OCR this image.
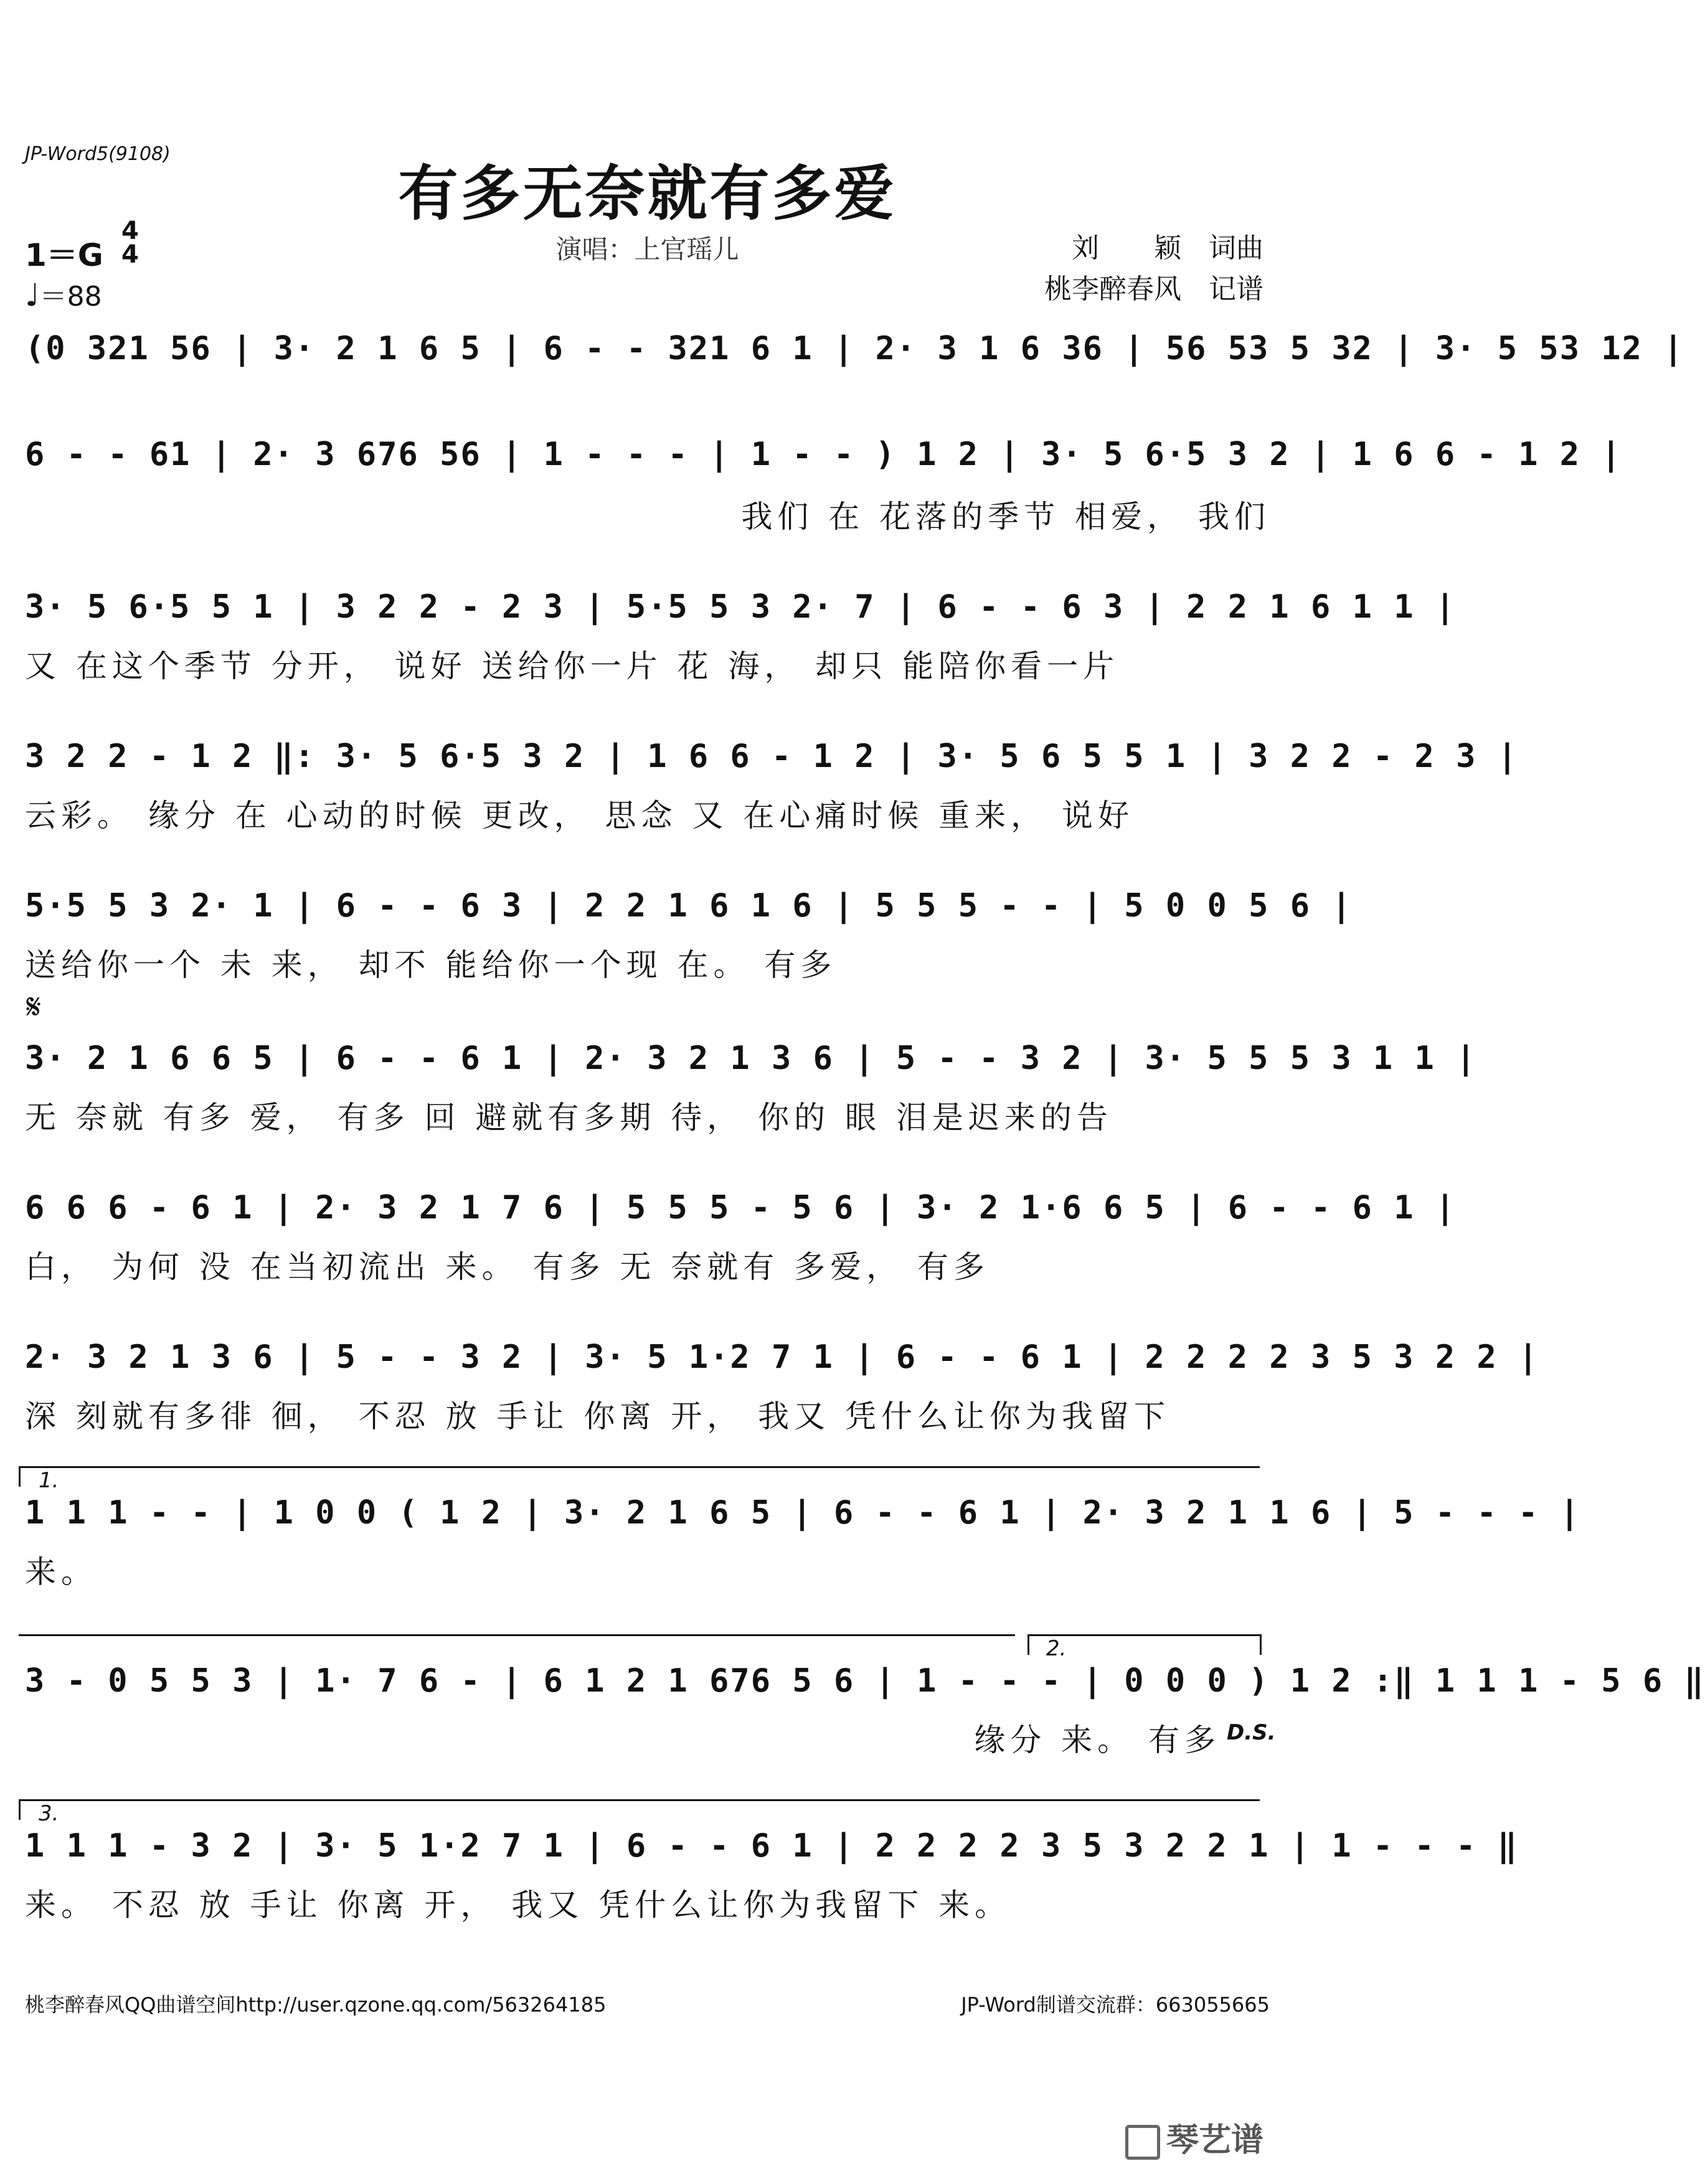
JP-Word5(9108)
有多无奈就有多爱
演唱：上官瑶儿	刘　　颖　词曲
桃李醉春风　记谱
1＝G
4
4
♩＝88
(0 321 56 | 3· 2 1 6 5 | 6 - - 321 6 1 | 2· 3 1 6 36 | 56 53 5 32 | 3· 5 53 12 |
6 - - 61 | 2· 3 676 56 | 1 - - - | 1 - - ) 1 2 | 3· 5 6·5 3 2 | 1 6 6 - 1 2 |
我们 在 花落的季节 相爱， 我们
3· 5 6·5 5 1 | 3 2 2 - 2 3 | 5·5 5 3 2· 7 | 6 - - 6 3 | 2 2 1 6 1 1 |
又 在这个季节 分开， 说好 送给你一片 花 海， 却只 能陪你看一片
3 2 2 - 1 2 ‖: 3· 5 6·5 3 2 | 1 6 6 - 1 2 | 3· 5 6 5 5 1 | 3 2 2 - 2 3 |
云彩。 缘分 在 心动的时候 更改， 思念 又 在心痛时候 重来， 说好
5·5 5 3 2· 1 | 6 - - 6 3 | 2 2 1 6 1 6 | 5 5 5 - - | 5 0 0 5 6 |
送给你一个 未 来， 却不 能给你一个现 在。 有多
𝄋
3· 2 1 6 6 5 | 6 - - 6 1 | 2· 3 2 1 3 6 | 5 - - 3 2 | 3· 5 5 5 3 1 1 |
无 奈就 有多 爱， 有多 回 避就有多期 待， 你的 眼 泪是迟来的告
6 6 6 - 6 1 | 2· 3 2 1 7 6 | 5 5 5 - 5 6 | 3· 2 1·6 6 5 | 6 - - 6 1 |
白， 为何 没 在当初流出 来。 有多 无 奈就有 多爱， 有多
2· 3 2 1 3 6 | 5 - - 3 2 | 3· 5 1·2 7 1 | 6 - - 6 1 | 2 2 2 2 3 5 3 2 2 |
深 刻就有多徘 徊， 不忍 放 手让 你离 开， 我又 凭什么让你为我留下
1.
1 1 1 - - | 1 0 0 ( 1 2 | 3· 2 1 6 5 | 6 - - 6 1 | 2· 3 2 1 1 6 | 5 - - - |
来。
2.
3 - 0 5 5 3 | 1· 7 6 - | 6 1 2 1 676 5 6 | 1 - - - | 0 0 0 ) 1 2 :‖ 1 1 1 - 5 6 ‖
缘分 来。 有多 D.S.
3.
1 1 1 - 3 2 | 3· 5 1·2 7 1 | 6 - - 6 1 | 2 2 2 2 3 5 3 2 2 1 | 1 - - - ‖
来。 不忍 放 手让 你离 开， 我又 凭什么让你为我留下 来。
桃李醉春风QQ曲谱空间http://user.qzone.qq.com/563264185	JP-Word制谱交流群：663055665
琴艺谱
